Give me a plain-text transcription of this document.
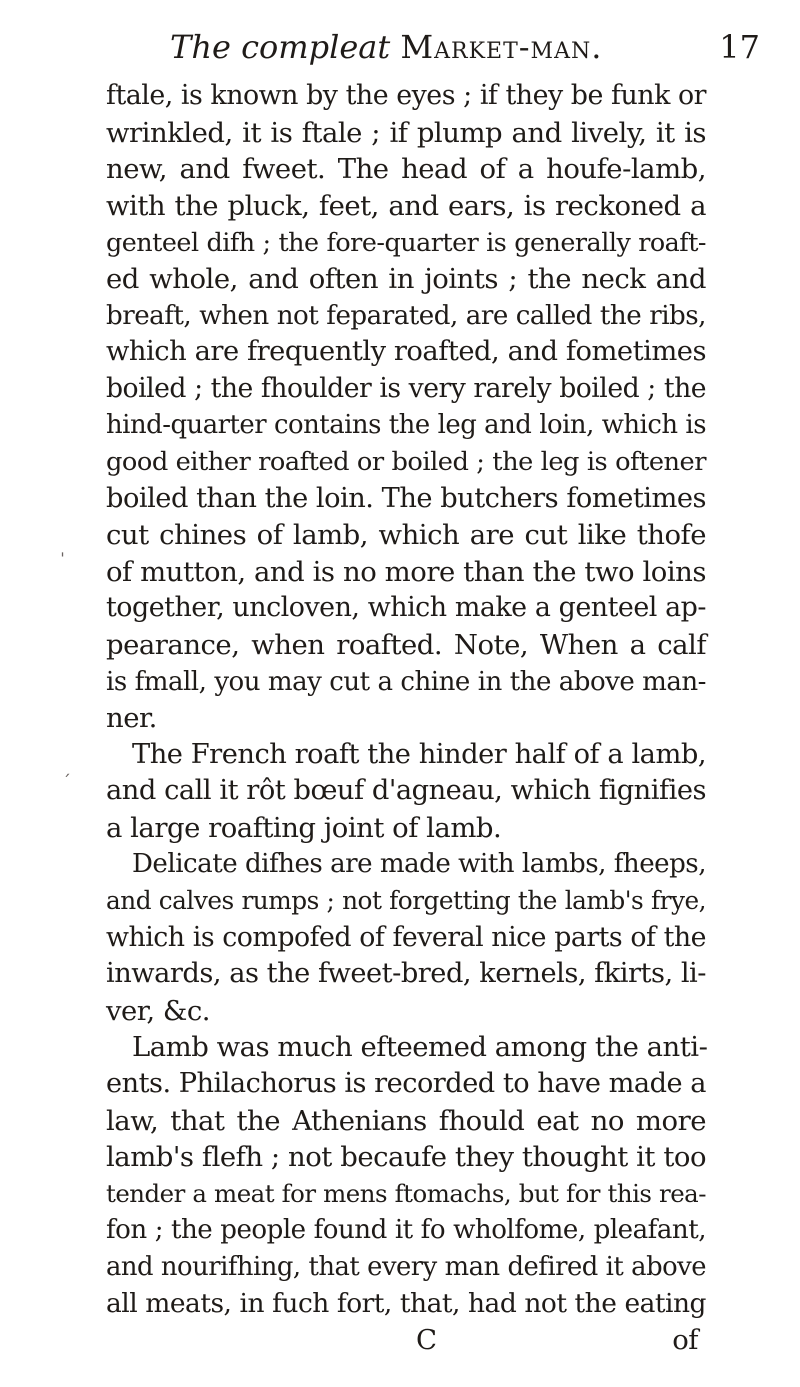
The compleat Market-man.	17
ftale, is known by the eyes ; if they be funk or
wrinkled, it is ftale ; if plump and lively, it is
new, and fweet. The head of a houfe-lamb,
with the pluck, feet, and ears, is reckoned a
genteel difh ; the fore-quarter is generally roaft-
ed whole, and often in joints ; the neck and
breaft, when not feparated, are called the ribs,
which are frequently roafted, and fometimes
boiled ; the fhoulder is very rarely boiled ; the
hind-quarter contains the leg and loin, which is
good either roafted or boiled ; the leg is oftener
boiled than the loin. The butchers fometimes
cut chines of lamb, which are cut like thofe
of mutton, and is no more than the two loins
together, uncloven, which make a genteel ap-
pearance, when roafted. Note, When a calf
is fmall, you may cut a chine in the above man-
ner.
The French roaft the hinder half of a lamb,
and call it rôt bœuf d'agneau, which fignifies
a large roafting joint of lamb.
Delicate difhes are made with lambs, fheeps,
and calves rumps ; not forgetting the lamb's frye,
which is compofed of feveral nice parts of the
inwards, as the fweet-bred, kernels, fkirts, li-
ver, &c.
Lamb was much efteemed among the anti-
ents. Philachorus is recorded to have made a
law, that the Athenians fhould eat no more
lamb's flefh ; not becaufe they thought it too
tender a meat for mens ftomachs, but for this rea-
fon ; the people found it fo wholfome, pleafant,
and nourifhing, that every man defired it above
all meats, in fuch fort, that, had not the eating
C	of
ˈ
ˊ
